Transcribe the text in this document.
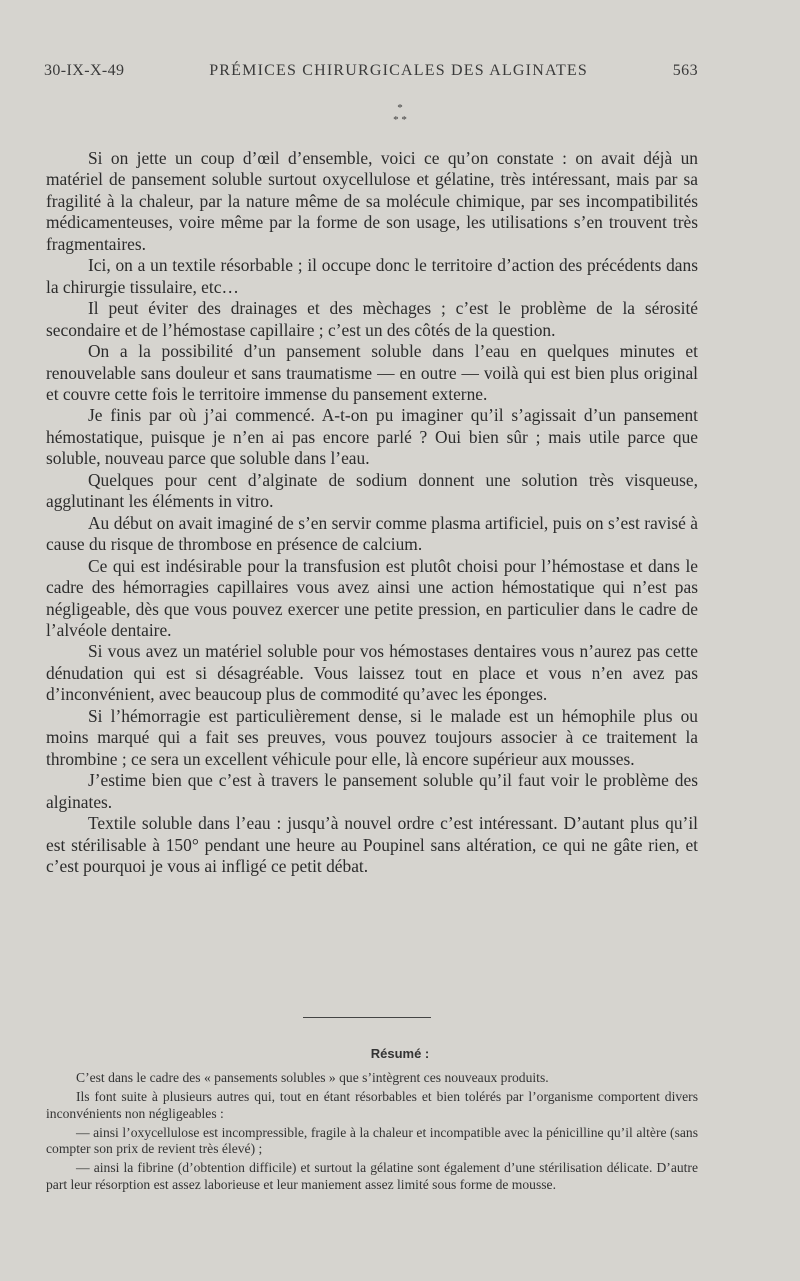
30-IX-X-49	PRÉMICES CHIRURGICALES DES ALGINATES	563
*
* *

Si on jette un coup d’œil d’ensemble, voici ce qu’on constate : on avait déjà un matériel de pansement soluble surtout oxycellulose et gélatine, très intéressant, mais par sa fragilité à la chaleur, par la nature même de sa molécule chimique, par ses incompatibilités médicamenteuses, voire même par la forme de son usage, les utilisations s’en trouvent très fragmentaires.

Ici, on a un textile résorbable ; il occupe donc le territoire d’action des précédents dans la chirurgie tissulaire, etc…

Il peut éviter des drainages et des mèchages ; c’est le problème de la sérosité secondaire et de l’hémostase capillaire ; c’est un des côtés de la question.

On a la possibilité d’un pansement soluble dans l’eau en quelques minutes et renouvelable sans douleur et sans traumatisme — en outre — voilà qui est bien plus original et couvre cette fois le territoire immense du pansement externe.

Je finis par où j’ai commencé. A-t-on pu imaginer qu’il s’agissait d’un pansement hémostatique, puisque je n’en ai pas encore parlé ? Oui bien sûr ; mais utile parce que soluble, nouveau parce que soluble dans l’eau.

Quelques pour cent d’alginate de sodium donnent une solution très visqueuse, agglutinant les éléments in vitro.

Au début on avait imaginé de s’en servir comme plasma artificiel, puis on s’est ravisé à cause du risque de thrombose en présence de calcium.

Ce qui est indésirable pour la transfusion est plutôt choisi pour l’hémostase et dans le cadre des hémorragies capillaires vous avez ainsi une action hémostatique qui n’est pas négligeable, dès que vous pouvez exercer une petite pression, en particulier dans le cadre de l’alvéole dentaire.

Si vous avez un matériel soluble pour vos hémostases dentaires vous n’aurez pas cette dénudation qui est si désagréable. Vous laissez tout en place et vous n’en avez pas d’inconvénient, avec beaucoup plus de commodité qu’avec les éponges.

Si l’hémorragie est particulièrement dense, si le malade est un hémophile plus ou moins marqué qui a fait ses preuves, vous pouvez toujours associer à ce traitement la thrombine ; ce sera un excellent véhicule pour elle, là encore supérieur aux mousses.

J’estime bien que c’est à travers le pansement soluble qu’il faut voir le problème des alginates.

Textile soluble dans l’eau : jusqu’à nouvel ordre c’est intéressant. D’autant plus qu’il est stérilisable à 150° pendant une heure au Poupinel sans altération, ce qui ne gâte rien, et c’est pourquoi je vous ai infligé ce petit débat.

Résumé :

C’est dans le cadre des « pansements solubles » que s’intègrent ces nouveaux produits.

Ils font suite à plusieurs autres qui, tout en étant résorbables et bien tolérés par l’organisme comportent divers inconvénients non négligeables :

— ainsi l’oxycellulose est incompressible, fragile à la chaleur et incompatible avec la pénicilline qu’il altère (sans compter son prix de revient très élevé) ;

— ainsi la fibrine (d’obtention difficile) et surtout la gélatine sont également d’une stérilisation délicate. D’autre part leur résorption est assez laborieuse et leur maniement assez limité sous forme de mousse.
